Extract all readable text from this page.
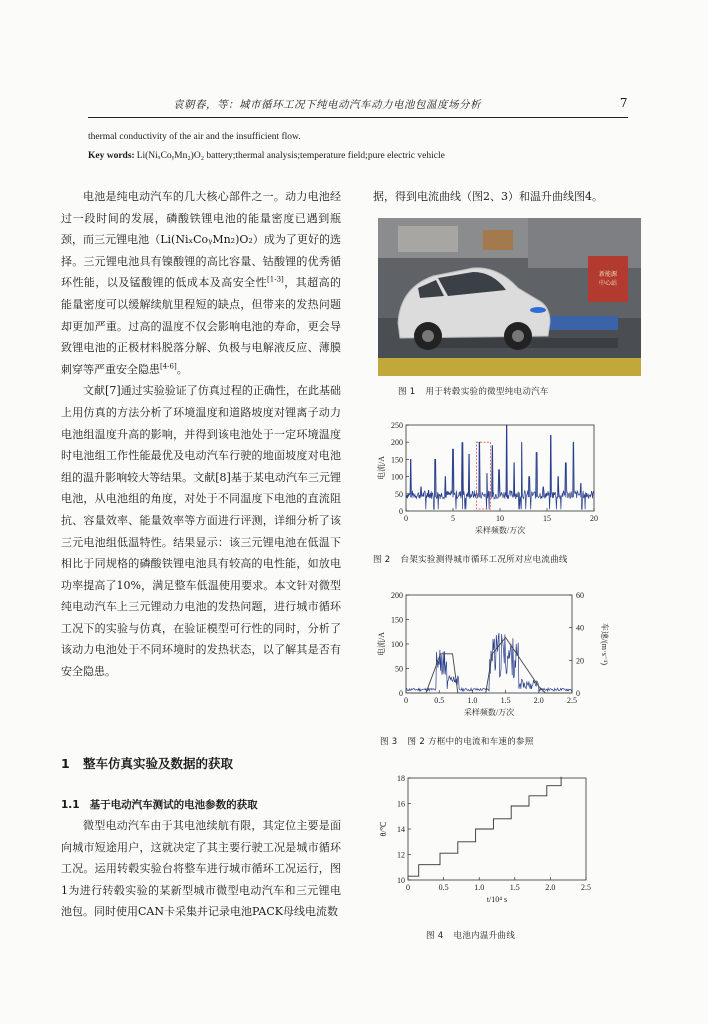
袁朝春，等：城市循环工况下纯电动汽车动力电池包温度场分析	7
thermal conductivity of the air and the insufficient flow.
Key words: Li(NiₓCoᵧMn₂)O₂ battery;thermal analysis;temperature field;pure electric vehicle

电池是纯电动汽车的几大核心部件之一。动力电池经过一段时间的发展，磷酸铁锂电池的能量密度已遇到瓶颈，而三元锂电池（Li(NiₓCoᵧMn₂)O₂）成为了更好的选择。三元锂电池具有镍酸锂的高比容量、钴酸锂的优秀循环性能，以及锰酸锂的低成本及高安全性[1-3]，其超高的能量密度可以缓解续航里程短的缺点，但带来的发热问题却更加严重。过高的温度不仅会影响电池的寿命，更会导致锂电池的正极材料脱落分解、负极与电解液反应、薄膜刺穿等严重安全隐患[4-6]。

文献[7]通过实验验证了仿真过程的正确性，在此基础上用仿真的方法分析了环境温度和道路坡度对锂离子动力电池组温度升高的影响，并得到该电池处于一定环境温度时电池组工作性能最优及电动汽车行驶的地面坡度对电池组的温升影响较大等结果。文献[8]基于某电动汽车三元锂电池，从电池组的角度，对处于不同温度下电池的直流阻抗、容量效率、能量效率等方面进行评测，详细分析了该三元电池组低温特性。结果显示：该三元锂电池在低温下相比于同规格的磷酸铁锂电池具有较高的电性能，如放电功率提高了10%，满足整车低温使用要求。本文针对微型纯电动汽车上三元锂动力电池的发热问题，进行城市循环工况下的实验与仿真，在验证模型可行性的同时，分析了该动力电池处于不同环境时的发热状态，以了解其是否有安全隐患。

1 整车仿真实验及数据的获取
1.1 基于电动汽车测试的电池参数的获取

微型电动汽车由于其电池续航有限，其定位主要是面向城市短途用户，这就决定了其主要行驶工况是城市循环工况。运用转毂实验台将整车进行城市循环工况运行，图1为进行转毂实验的某新型城市微型电动汽车和三元锂电池包。同时使用CAN卡采集并记录电池PACK母线电流数

据，得到电流曲线（图2、3）和温升曲线图4。
新能源
中心站
图 1 用于转毂实验的微型纯电动汽车
0	5	10	15	20
0
50
100
150
200
250
采样频数/万次
电流/A
图 2 台架实验测得城市循环工况所对应电流曲线
0	0.5	1.0	1.5	2.0	2.5
0
50
100
150
200
采样频数/万次
电流/A
0
20
40
60
车速/(m·s⁻¹)
图 3 图 2 方框中的电流和车速的参照
0	0.5	1.0	1.5	2.0	2.5
10
12
14
16
18
t/10⁴ s
θ/℃
图 4 电池内温升曲线
